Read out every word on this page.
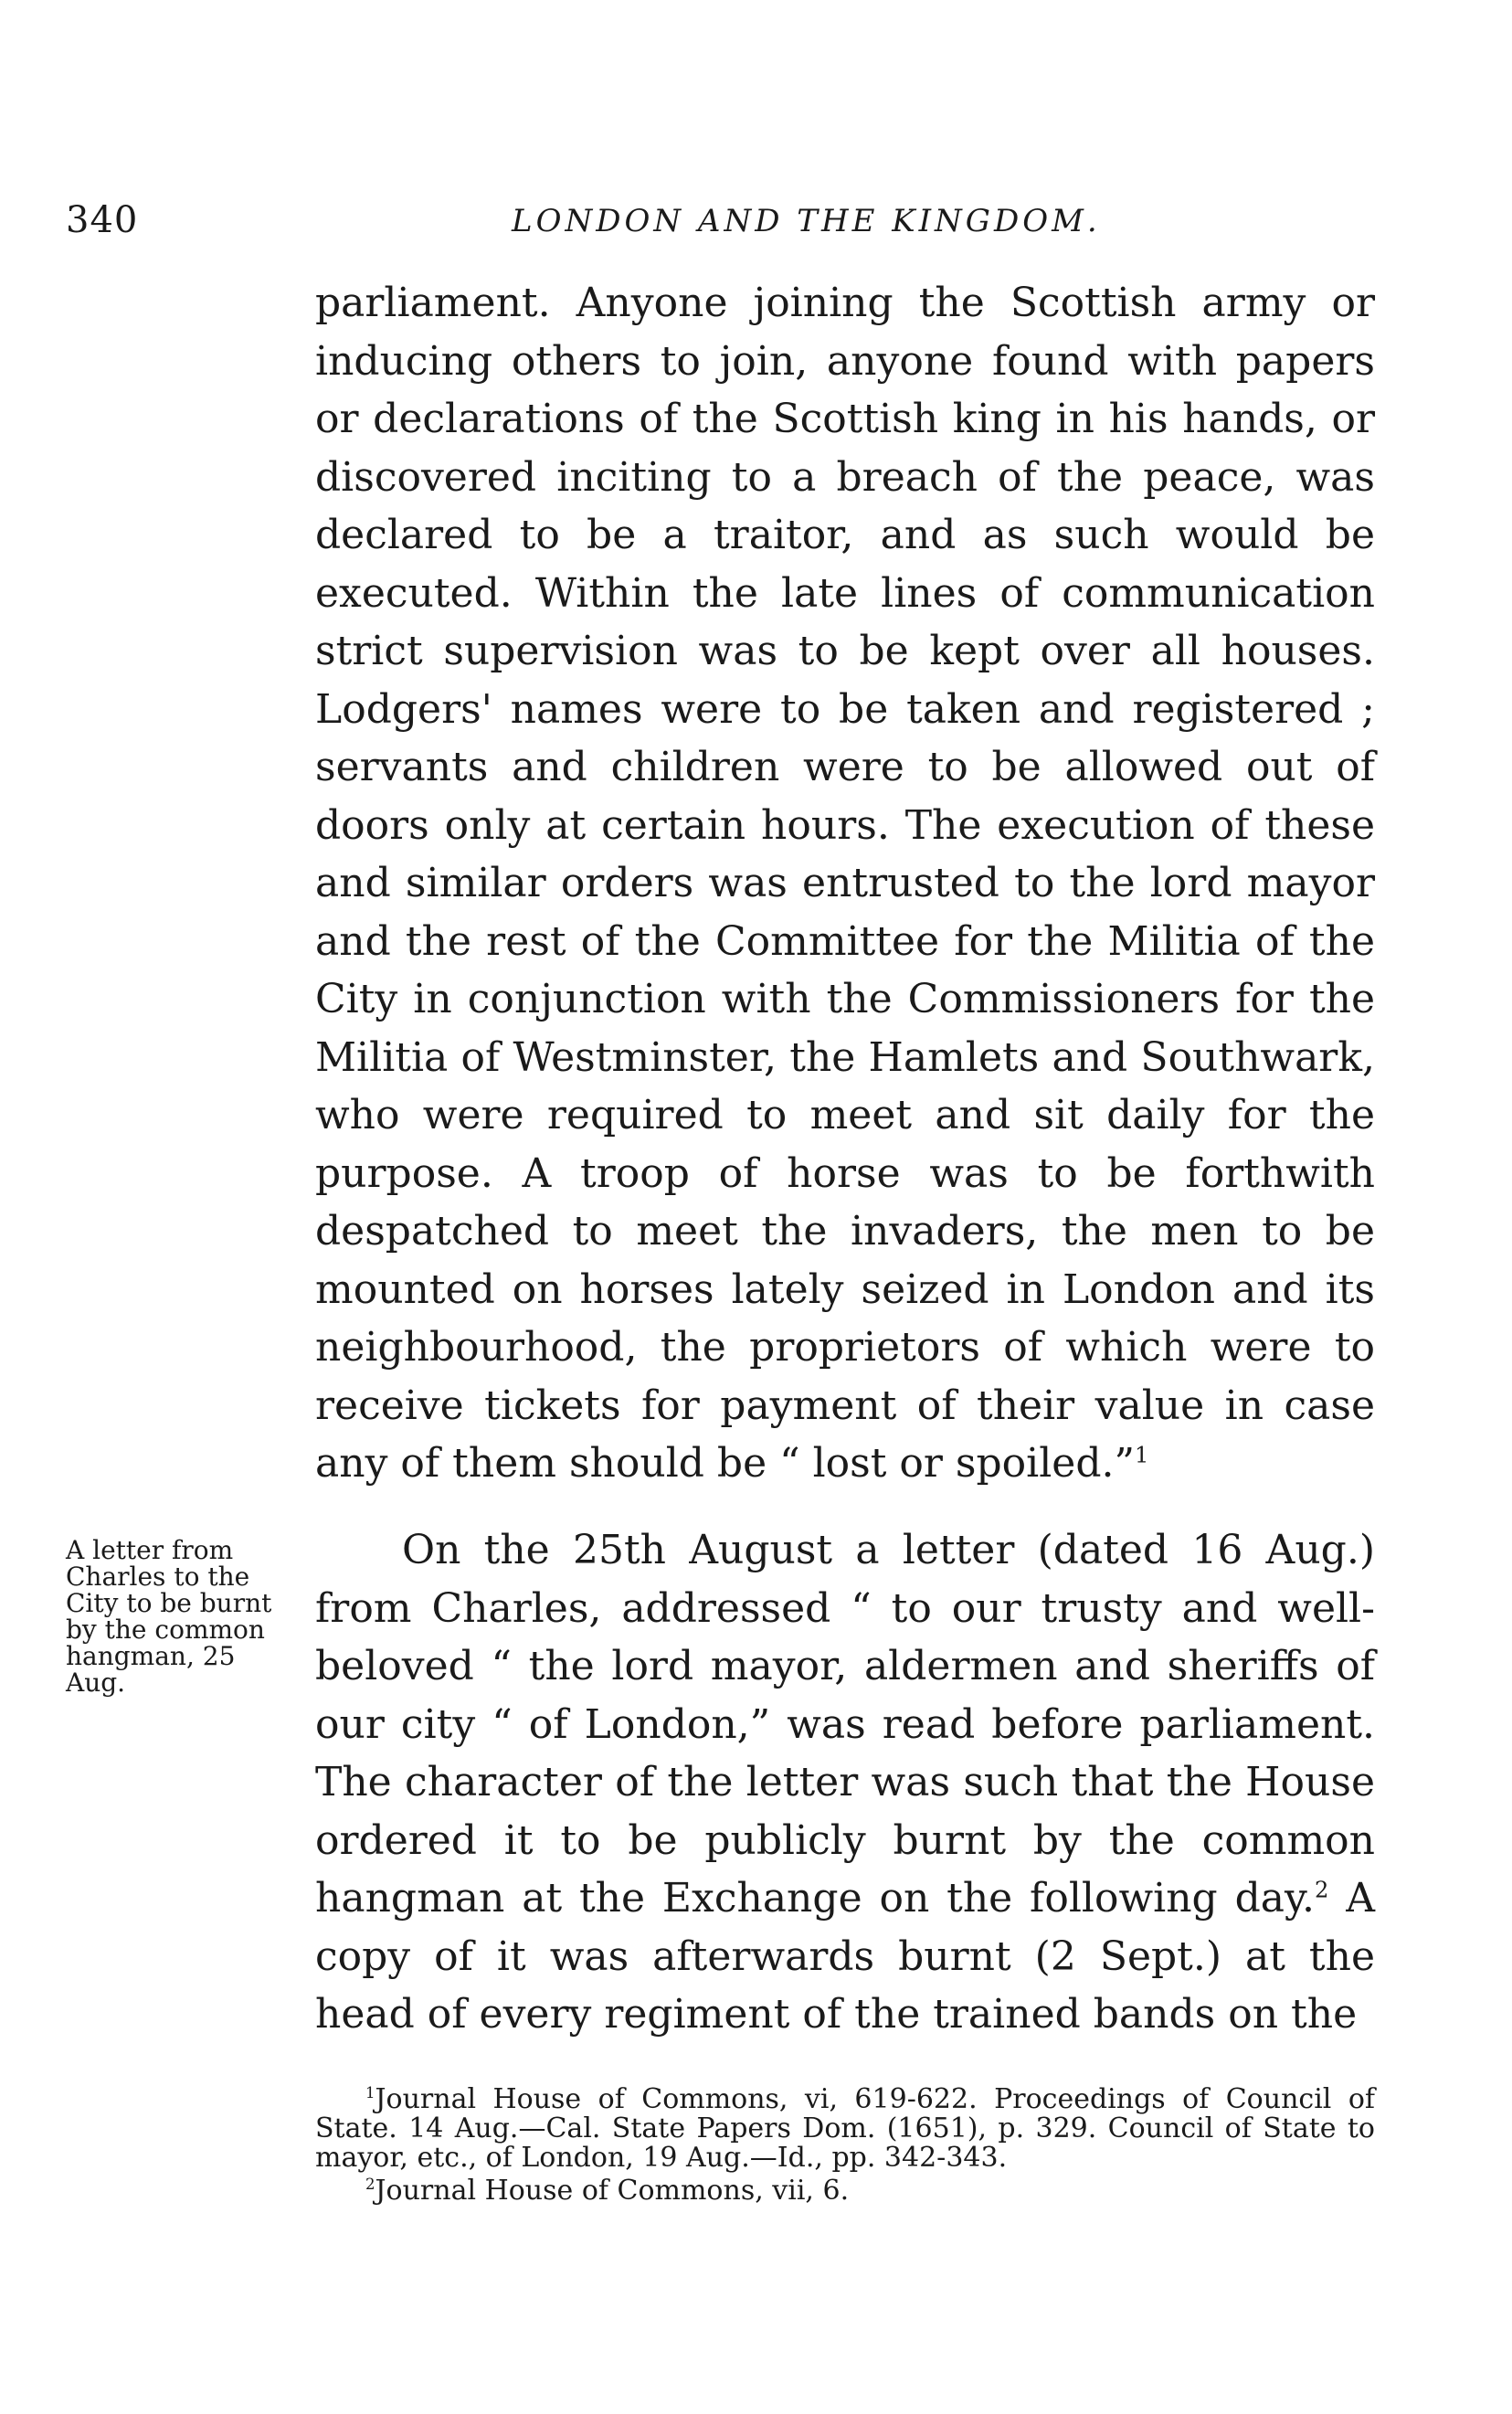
340	LONDON AND THE KINGDOM.

parliament. Anyone joining the Scottish army or inducing others to join, anyone found with papers or declarations of the Scottish king in his hands, or discovered inciting to a breach of the peace, was declared to be a traitor, and as such would be executed. Within the late lines of communication strict supervision was to be kept over all houses. Lodgers' names were to be taken and registered ; servants and children were to be allowed out of doors only at certain hours. The execution of these and similar orders was entrusted to the lord mayor and the rest of the Committee for the Militia of the City in conjunction with the Commissioners for the Militia of Westminster, the Hamlets and Southwark, who were required to meet and sit daily for the purpose. A troop of horse was to be forthwith despatched to meet the invaders, the men to be mounted on horses lately seized in London and its neighbourhood, the proprietors of which were to receive tickets for payment of their value in case any of them should be “ lost or spoiled.”$^1$

A letter from Charles to the City to be burnt by the common hangman, 25 Aug.

On the 25th August a letter (dated 16 Aug.) from Charles, addressed “ to our trusty and well-beloved “ the lord mayor, aldermen and sheriffs of our city “ of London,” was read before parliament. The character of the letter was such that the House ordered it to be publicly burnt by the common hangman at the Exchange on the following day.$^2$ A copy of it was afterwards burnt (2 Sept.) at the head of every regiment of the trained bands on the

$^1$Journal House of Commons, vi, 619-622. Proceedings of Council of State. 14 Aug.—Cal. State Papers Dom. (1651), p. 329. Council of State to mayor, etc., of London, 19 Aug.—Id., pp. 342-343.

$^2$Journal House of Commons, vii, 6.
